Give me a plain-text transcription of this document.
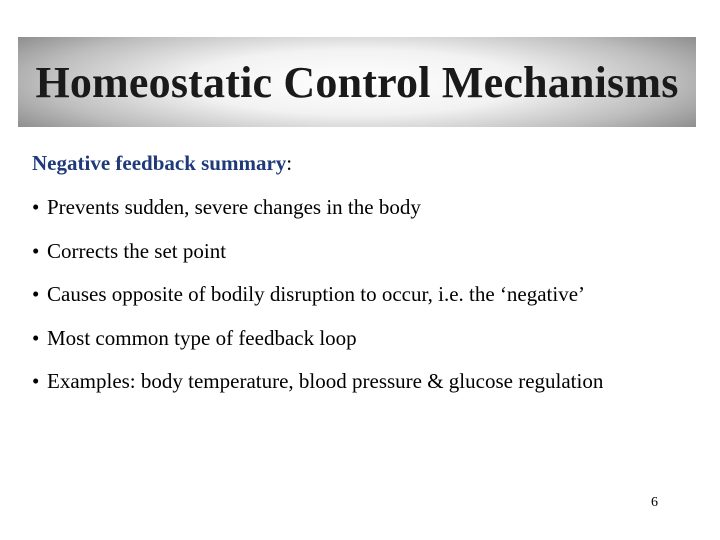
Homeostatic Control Mechanisms
Negative feedback summary:
• Prevents sudden, severe changes in the body
• Corrects the set point
• Causes opposite of bodily disruption to occur, i.e. the ‘negative’
• Most common type of feedback loop
• Examples: body temperature, blood pressure & glucose regulation
6
